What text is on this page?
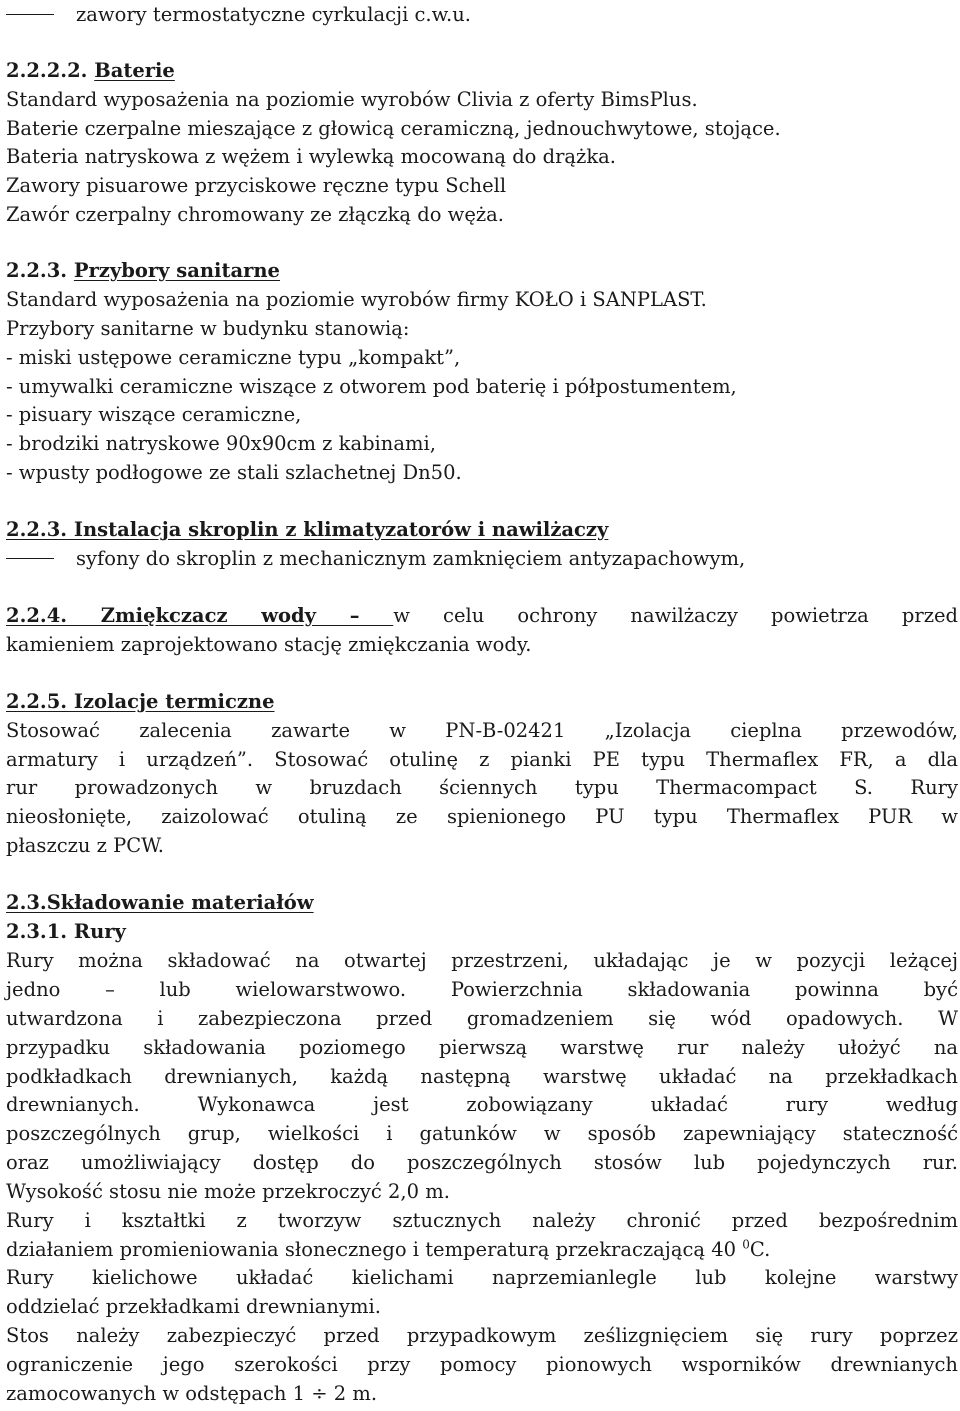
zawory termostatyczne cyrkulacji c.w.u.
2.2.2.2. Baterie
Standard wyposażenia na poziomie wyrobów Clivia z oferty BimsPlus.
Baterie czerpalne mieszające z głowicą ceramiczną, jednouchwytowe, stojące.
Bateria natryskowa z wężem i wylewką mocowaną do drążka.
Zawory pisuarowe przyciskowe ręczne typu Schell
Zawór czerpalny chromowany ze złączką do węża.
2.2.3. Przybory sanitarne
Standard wyposażenia na poziomie wyrobów firmy KOŁO i SANPLAST.
Przybory sanitarne w budynku stanowią:
- miski ustępowe ceramiczne typu „kompakt”,
- umywalki ceramiczne wiszące z otworem pod baterię i półpostumentem,
- pisuary wiszące ceramiczne,
- brodziki natryskowe 90x90cm z kabinami,
- wpusty podłogowe ze stali szlachetnej Dn50.
2.2.3. Instalacja skroplin z klimatyzatorów i nawilżaczy
syfony do skroplin z mechanicznym zamknięciem antyzapachowym,
2.2.4. Zmiękczacz wody – w celu ochrony nawilżaczy powietrza przed
kamieniem zaprojektowano stację zmiękczania wody.
2.2.5. Izolacje termiczne
Stosować zalecenia zawarte w PN-B-02421 „Izolacja cieplna przewodów,
armatury i urządzeń”. Stosować otulinę z pianki PE typu Thermaflex FR, a dla
rur prowadzonych w bruzdach ściennych typu Thermacompact S. Rury
nieosłonięte, zaizolować otuliną ze spienionego PU typu Thermaflex PUR w
płaszczu z PCW.
2.3.Składowanie materiałów
2.3.1. Rury
Rury można składować na otwartej przestrzeni, układając je w pozycji leżącej
jedno – lub wielowarstwowo. Powierzchnia składowania powinna być
utwardzona i zabezpieczona przed gromadzeniem się wód opadowych. W
przypadku składowania poziomego pierwszą warstwę rur należy ułożyć na
podkładkach drewnianych, każdą następną warstwę układać na przekładkach
drewnianych. Wykonawca jest zobowiązany układać rury według
poszczególnych grup, wielkości i gatunków w sposób zapewniający stateczność
oraz umożliwiający dostęp do poszczególnych stosów lub pojedynczych rur.
Wysokość stosu nie może przekroczyć 2,0 m.
Rury i kształtki z tworzyw sztucznych należy chronić przed bezpośrednim
działaniem promieniowania słonecznego i temperaturą przekraczającą 40 $^0$C.
Rury kielichowe układać kielichami naprzemianlegle lub kolejne warstwy
oddzielać przekładkami drewnianymi.
Stos należy zabezpieczyć przed przypadkowym ześlizgnięciem się rury poprzez
ograniczenie jego szerokości przy pomocy pionowych wsporników drewnianych
zamocowanych w odstępach 1 ÷ 2 m.
